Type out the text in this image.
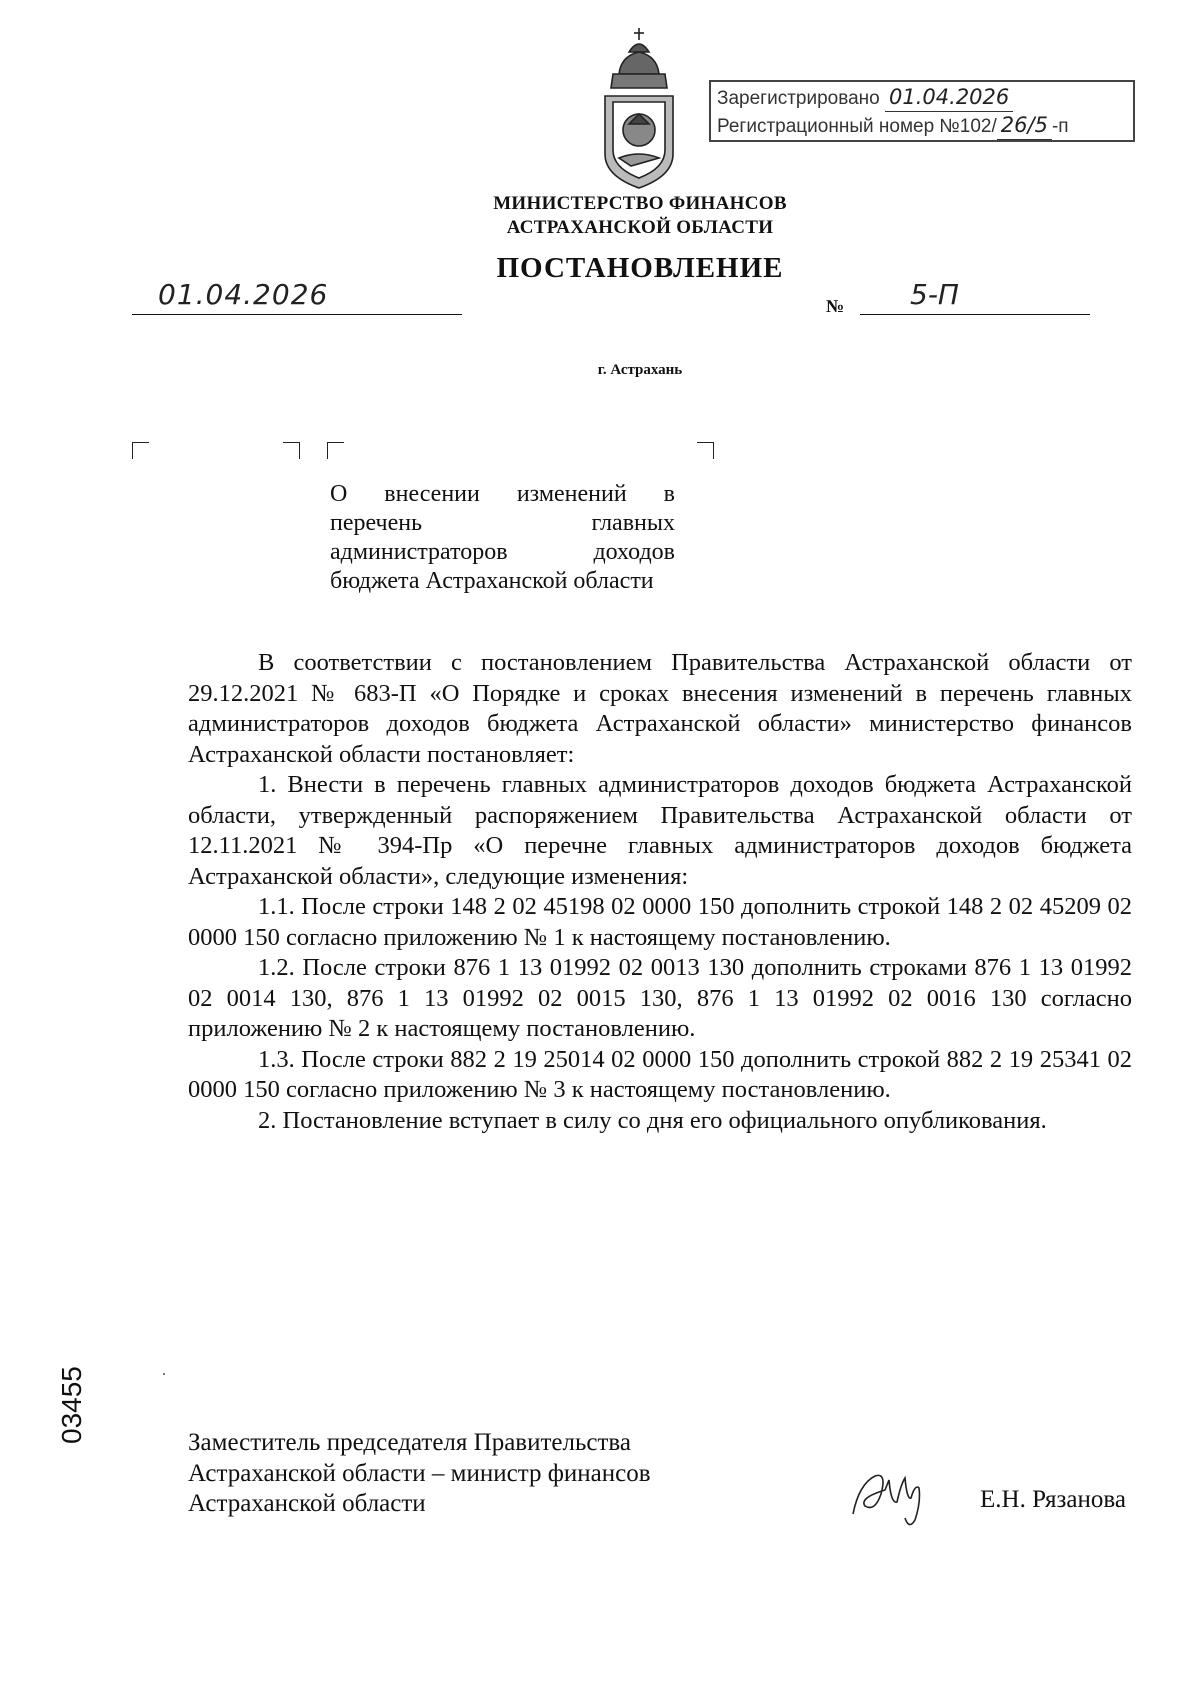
Зарегистрировано 01.04.2026
Регистрационный номер №102/ 26/5 -п
МИНИСТЕРСТВО ФИНАНСОВ
АСТРАХАНСКОЙ ОБЛАСТИ
ПОСТАНОВЛЕНИЕ
01.04.2026	№ 5-П
г. Астрахань
О внесении изменений в перечень главных администраторов доходов бюджета Астраханской области

В соответствии с постановлением Правительства Астраханской области от 29.12.2021 № 683-П «О Порядке и сроках внесения изменений в перечень главных администраторов доходов бюджета Астраханской области» министерство финансов Астраханской области постановляет:

1. Внести в перечень главных администраторов доходов бюджета Астраханской области, утвержденный распоряжением Правительства Астраханской области от 12.11.2021 № 394-Пр «О перечне главных администраторов доходов бюджета Астраханской области», следующие изменения:

1.1. После строки 148 2 02 45198 02 0000 150 дополнить строкой 148 2 02 45209 02 0000 150 согласно приложению № 1 к настоящему постановлению.

1.2. После строки 876 1 13 01992 02 0013 130 дополнить строками 876 1 13 01992 02 0014 130, 876 1 13 01992 02 0015 130, 876 1 13 01992 02 0016 130 согласно приложению № 2 к настоящему постановлению.

1.3. После строки 882 2 19 25014 02 0000 150 дополнить строкой 882 2 19 25341 02 0000 150 согласно приложению № 3 к настоящему постановлению.

2. Постановление вступает в силу со дня его официального опубликования.

03455	Заместитель председателя Правительства
Астраханской области – министр финансов
Астраханской области	Е.Н. Рязанова
